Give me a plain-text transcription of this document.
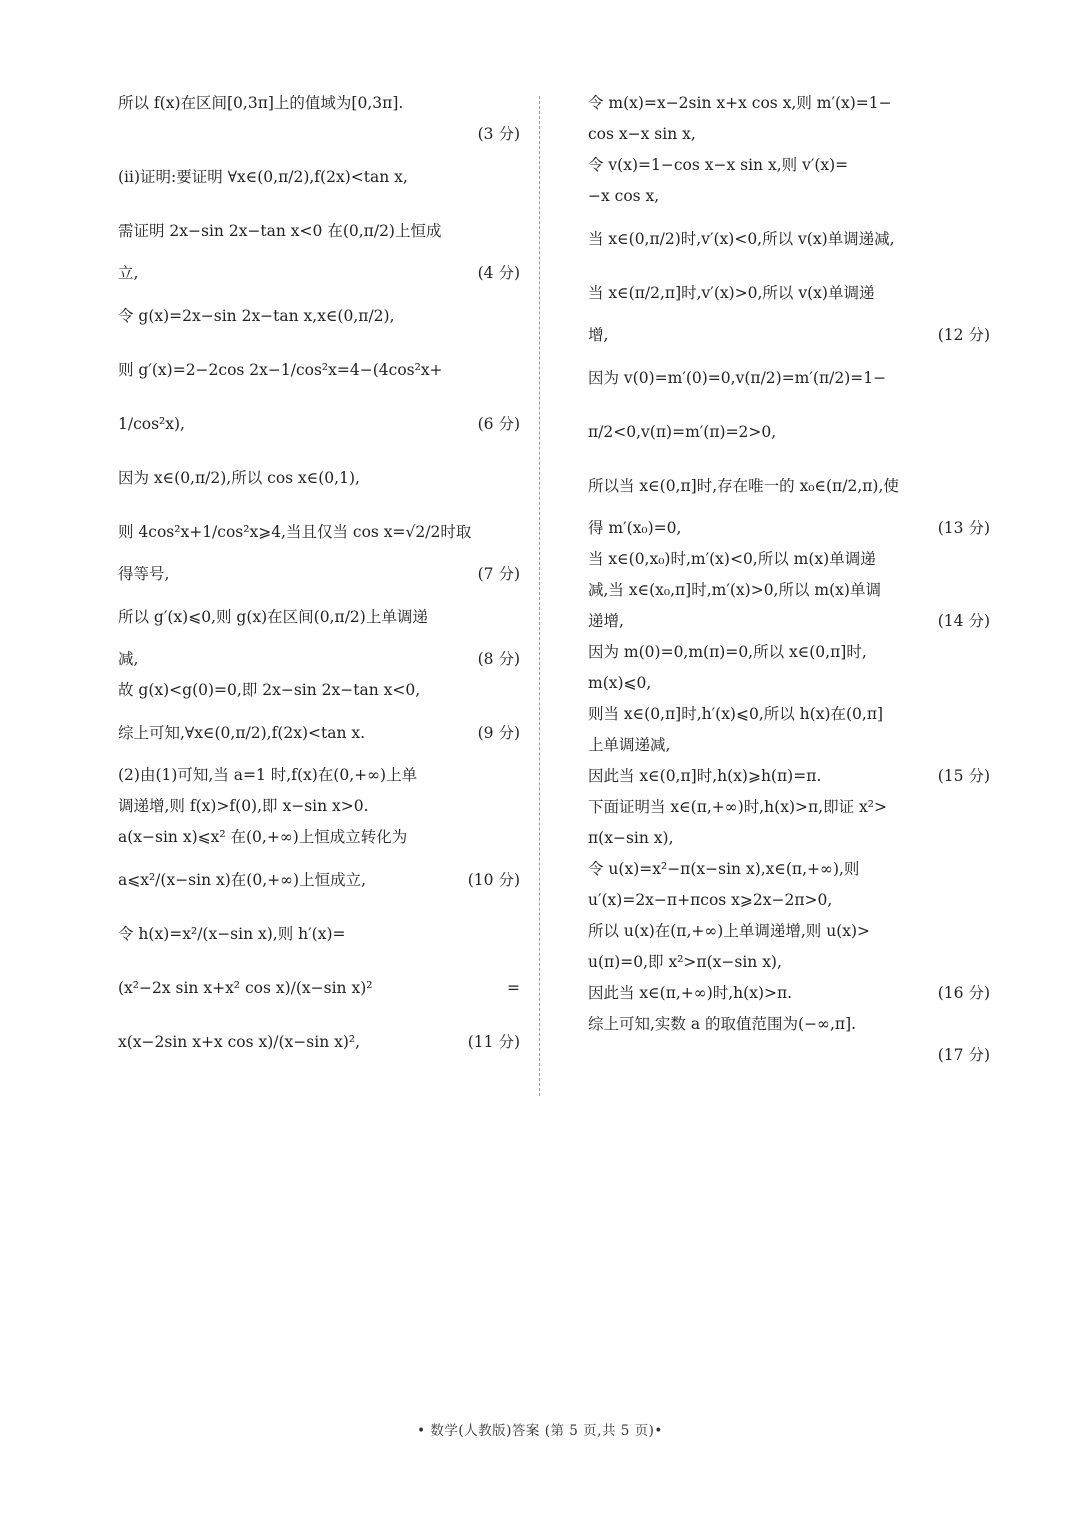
所以 f(x)在区间[0,3π]上的值域为[0,3π].
(3 分)
(ⅱ)证明:要证明 ∀x∈(0,π/2),f(2x)<tan x,
需证明 2x−sin 2x−tan x<0 在(0,π/2)上恒成
(4 分)
立,
令 g(x)=2x−sin 2x−tan x,x∈(0,π/2),
则 g′(x)=2−2cos 2x−1/cos²x=4−(4cos²x+
(6 分)
1/cos²x),
因为 x∈(0,π/2),所以 cos x∈(0,1),
则 4cos²x+1/cos²x⩾4,当且仅当 cos x=√2/2时取
(7 分)
得等号,
所以 g′(x)⩽0,则 g(x)在区间(0,π/2)上单调递
(8 分)
减,
故 g(x)<g(0)=0,即 2x−sin 2x−tan x<0,
(9 分)
综上可知,∀x∈(0,π/2),f(2x)<tan x.
(2)由(1)可知,当 a=1 时,f(x)在(0,+∞)上单
调递增,则 f(x)>f(0),即 x−sin x>0.
a(x−sin x)⩽x² 在(0,+∞)上恒成立转化为
(10 分)
a⩽x²/(x−sin x)在(0,+∞)上恒成立,
令 h(x)=x²/(x−sin x),则 h′(x)=
=
(x²−2x sin x+x² cos x)/(x−sin x)²
(11 分)
x(x−2sin x+x cos x)/(x−sin x)²,
令 m(x)=x−2sin x+x cos x,则 m′(x)=1−
cos x−x sin x,
令 v(x)=1−cos x−x sin x,则 v′(x)=
−x cos x,
当 x∈(0,π/2)时,v′(x)<0,所以 v(x)单调递减,
当 x∈(π/2,π]时,v′(x)>0,所以 v(x)单调递
(12 分)
增,
因为 v(0)=m′(0)=0,v(π/2)=m′(π/2)=1−
π/2<0,v(π)=m′(π)=2>0,
所以当 x∈(0,π]时,存在唯一的 x₀∈(π/2,π),使
(13 分)
得 m′(x₀)=0,
当 x∈(0,x₀)时,m′(x)<0,所以 m(x)单调递
减,当 x∈(x₀,π]时,m′(x)>0,所以 m(x)单调
(14 分)
递增,
因为 m(0)=0,m(π)=0,所以 x∈(0,π]时,
m(x)⩽0,
则当 x∈(0,π]时,h′(x)⩽0,所以 h(x)在(0,π]
上单调递减,
(15 分)
因此当 x∈(0,π]时,h(x)⩾h(π)=π.
下面证明当 x∈(π,+∞)时,h(x)>π,即证 x²>
π(x−sin x),
令 u(x)=x²−π(x−sin x),x∈(π,+∞),则
u′(x)=2x−π+πcos x⩾2x−2π>0,
所以 u(x)在(π,+∞)上单调递增,则 u(x)>
u(π)=0,即 x²>π(x−sin x),
(16 分)
因此当 x∈(π,+∞)时,h(x)>π.
综上可知,实数 a 的取值范围为(−∞,π].
(17 分)
• 数学(人教版)答案 (第 5 页,共 5 页)•
